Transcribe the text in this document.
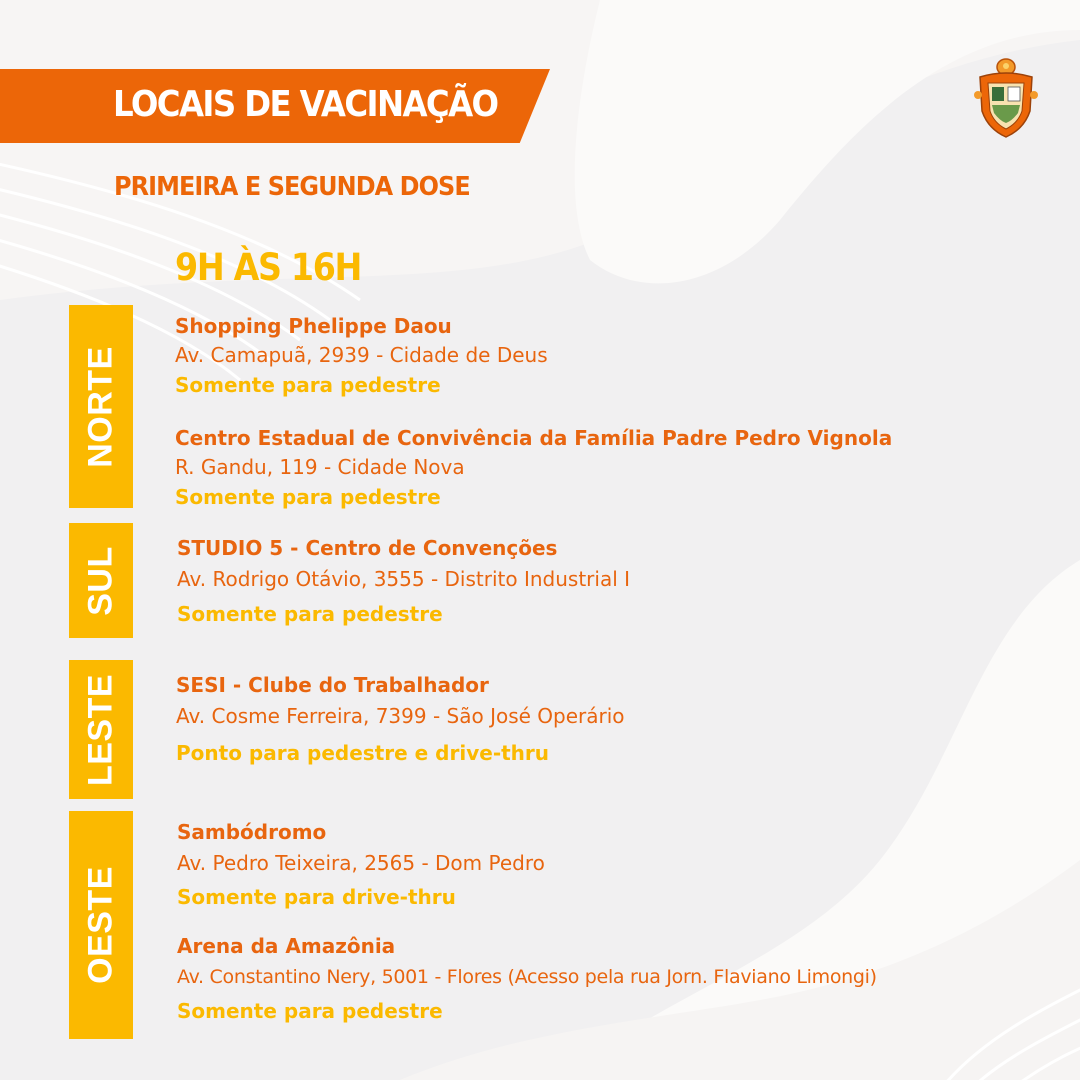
LOCAIS DE VACINAÇÃO
PRIMEIRA E SEGUNDA DOSE
9H ÀS 16H
NORTE
SUL
LESTE
OESTE
Shopping Phelippe Daou
Av. Camapuã, 2939 - Cidade de Deus
Somente para pedestre
Centro Estadual de Convivência da Família Padre Pedro Vignola
R. Gandu, 119 - Cidade Nova
Somente para pedestre
STUDIO 5 - Centro de Convenções
Av. Rodrigo Otávio, 3555 - Distrito Industrial I
Somente para pedestre
SESI - Clube do Trabalhador
Av. Cosme Ferreira, 7399 - São José Operário
Ponto para pedestre e drive-thru
Sambódromo
Av. Pedro Teixeira, 2565 - Dom Pedro
Somente para drive-thru
Arena da Amazônia
Av. Constantino Nery, 5001 - Flores (Acesso pela rua Jorn. Flaviano Limongi)
Somente para pedestre
